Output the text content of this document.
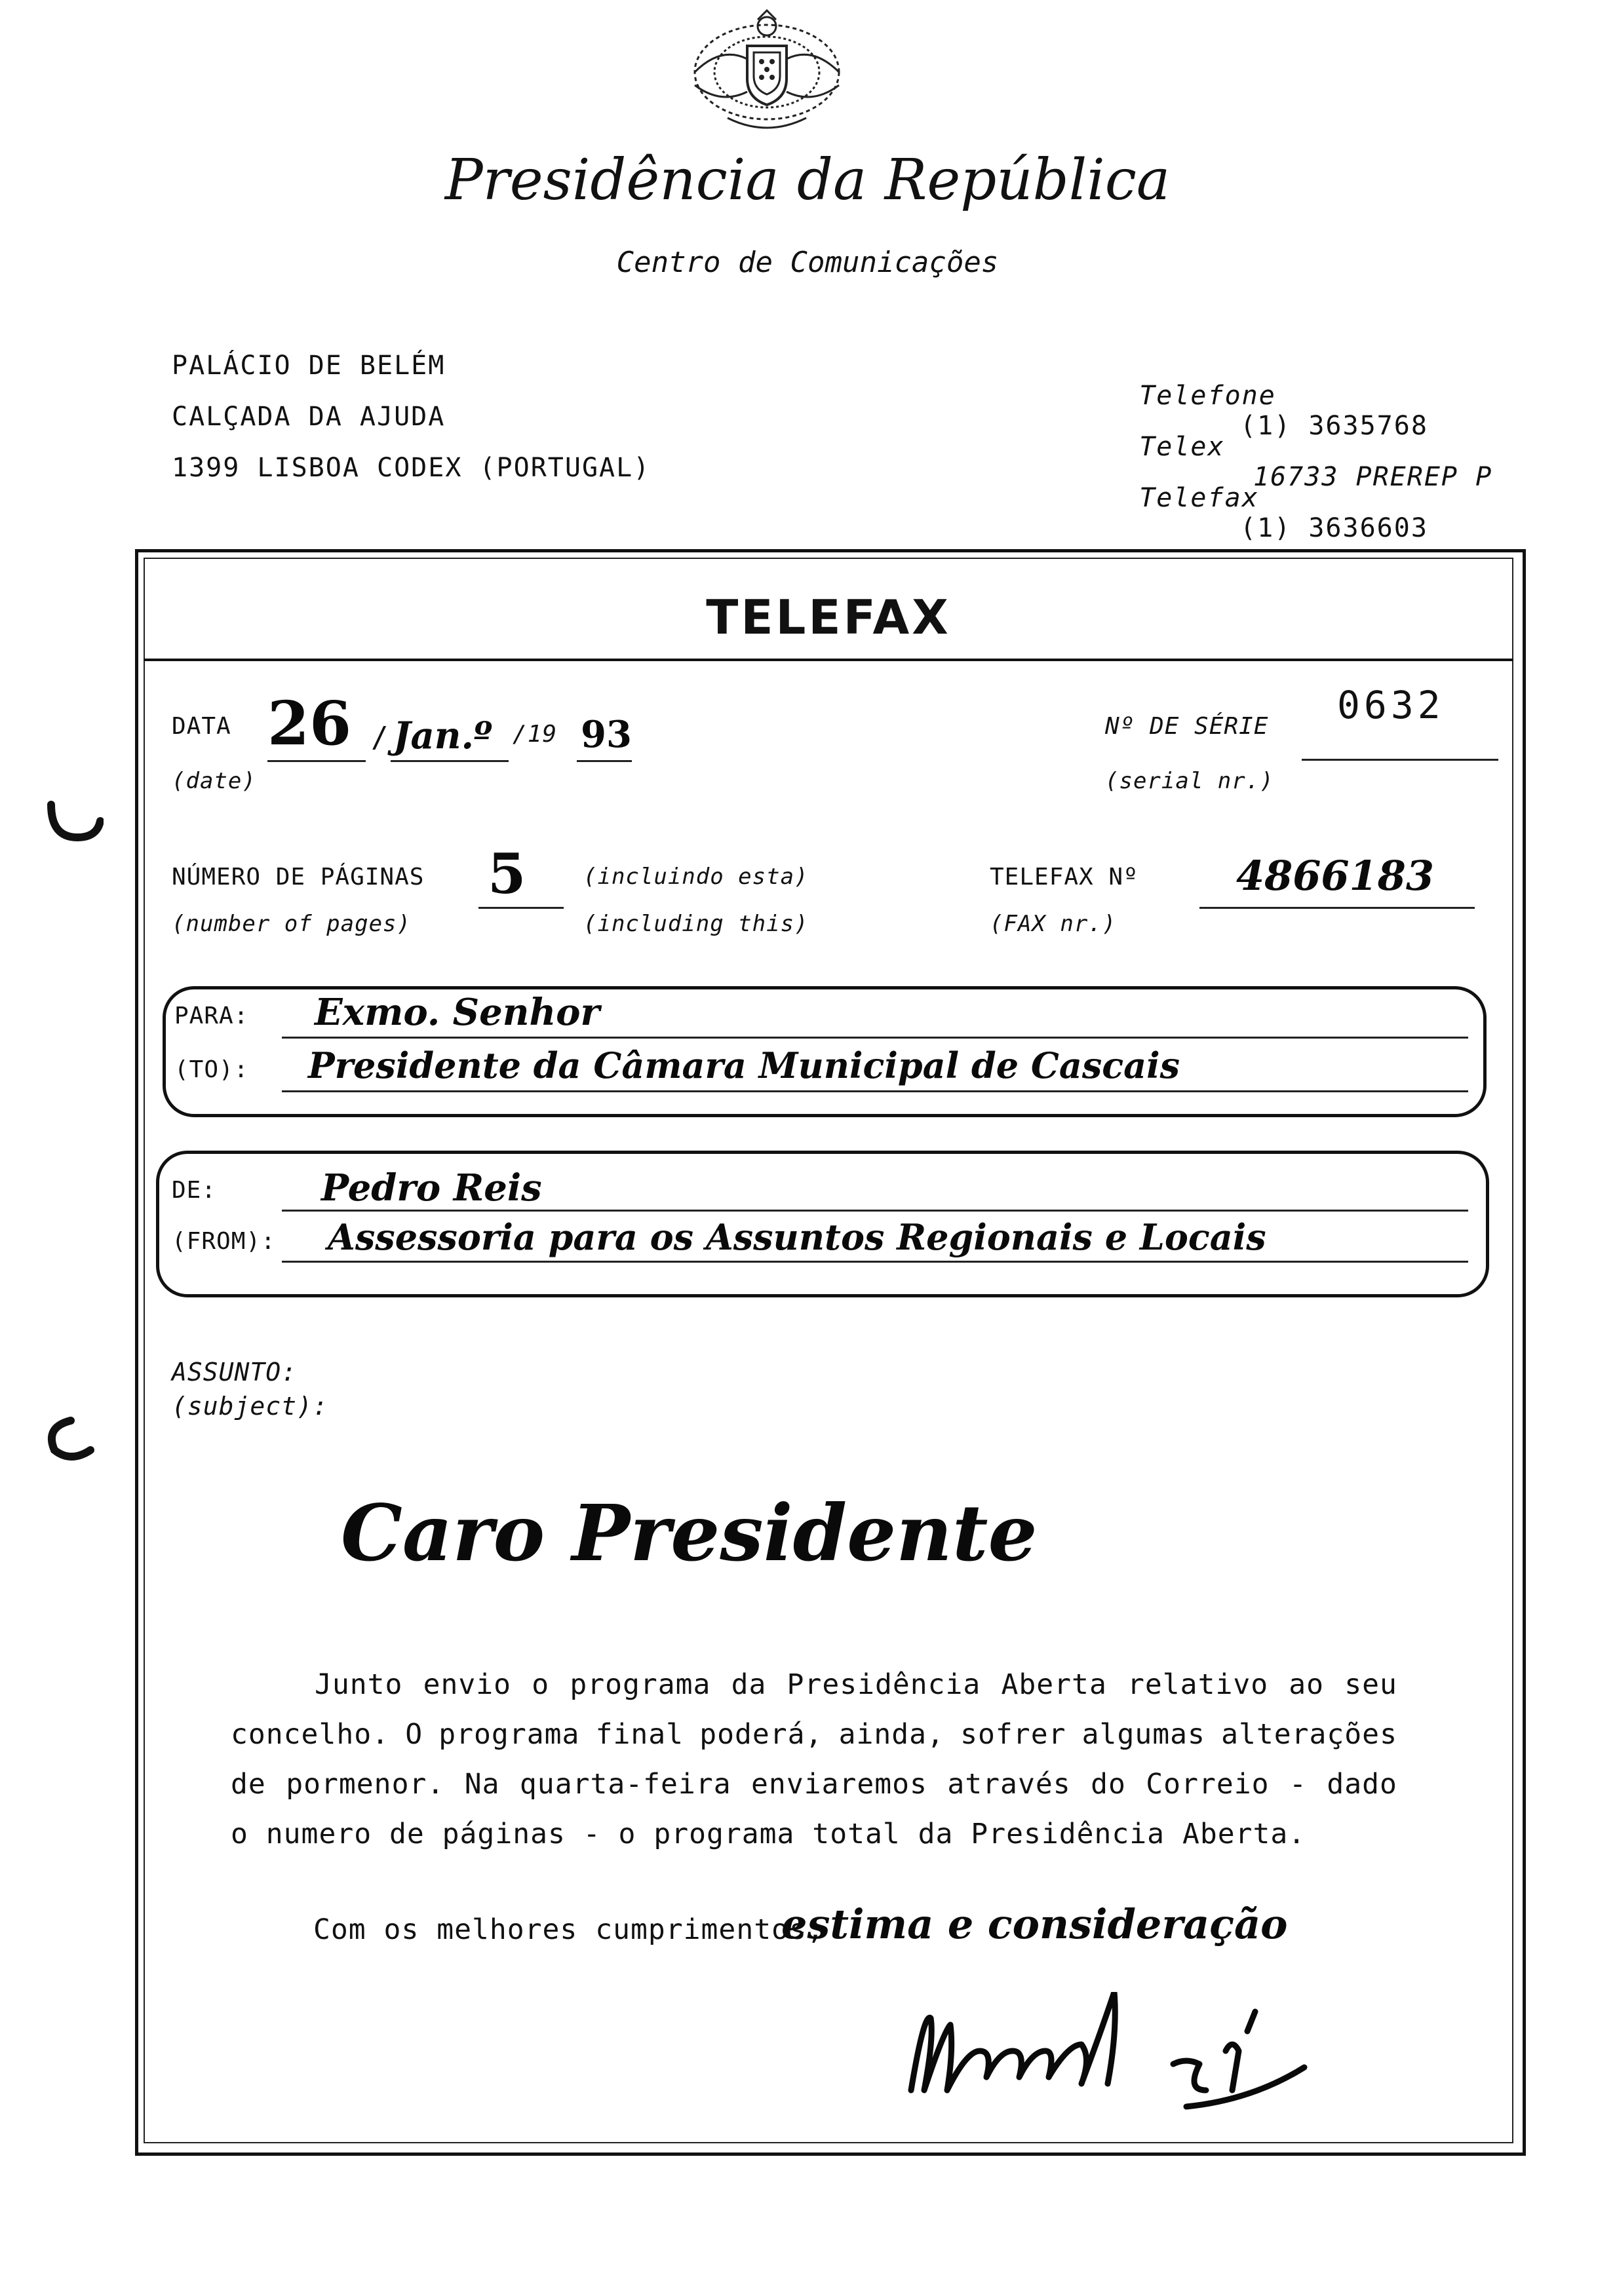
Presidência da República
Centro de Comunicações
PALÁCIO DE BELÉM
CALÇADA DA AJUDA
1399 LISBOA CODEX (PORTUGAL)

Telefone

(1) 3635768

Telex

16733 PREREP P

Telefax

(1) 3636603

TELEFAX
DATA
(date)
26 / Jan.º /19 93	Nº DE SÉRIE
(serial nr.)
0632
NÚMERO DE PÁGINAS
(number of pages)
5	(incluindo esta)
(including this)
TELEFAX Nº
(FAX nr.)
4866183
PARA:
(TO):
Exmo. Senhor
Presidente da Câmara Municipal de Cascais
DE:
(FROM):
Pedro Reis
Assessoria para os Assuntos Regionais e Locais
ASSUNTO:
(subject):
Caro Presidente
Junto envio o programa da Presidência Aberta relativo ao seu
concelho. O programa final poderá, ainda, sofrer algumas alterações
de pormenor. Na quarta-feira enviaremos através do Correio - dado
o numero de páginas - o programa total da Presidência Aberta.
Com os melhores cumprimentos,
estima e consideração
